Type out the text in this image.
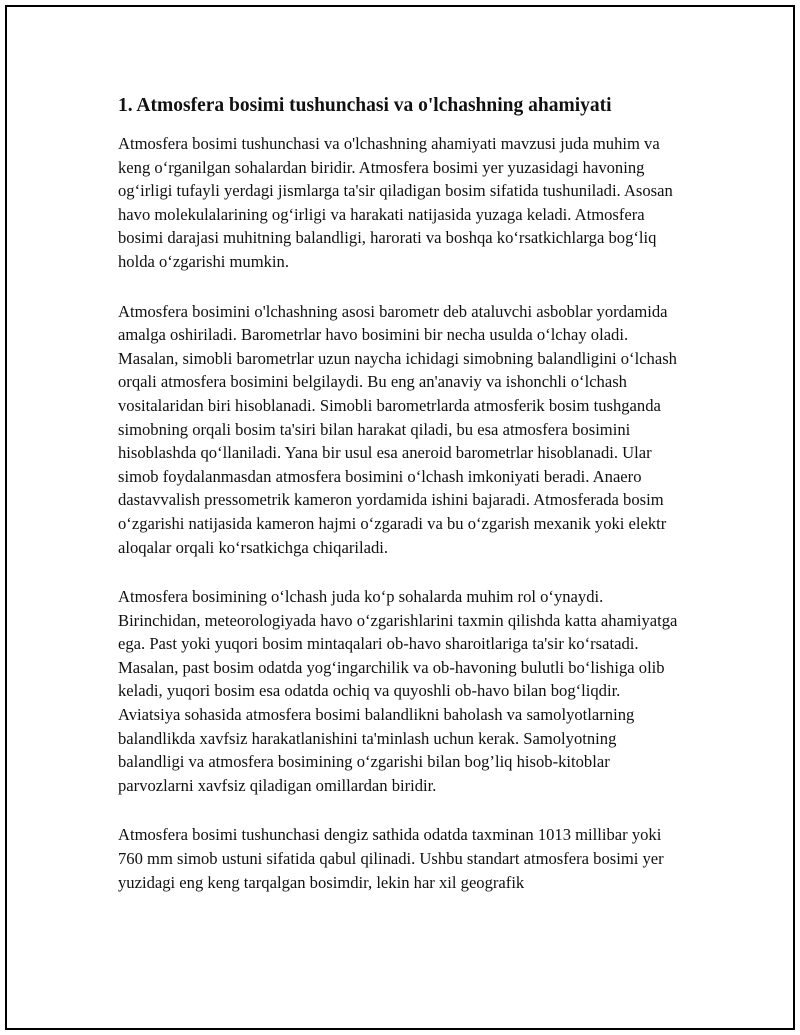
1. Atmosfera bosimi tushunchasi va o'lchashning ahamiyati

Atmosfera bosimi tushunchasi va o'lchashning ahamiyati mavzusi juda muhim va keng oʻrganilgan sohalardan biridir. Atmosfera bosimi yer yuzasidagi havoning ogʻirligi tufayli yerdagi jismlarga ta'sir qiladigan bosim sifatida tushuniladi. Asosan havo molekulalarining ogʻirligi va harakati natijasida yuzaga keladi. Atmosfera bosimi darajasi muhitning balandligi, harorati va boshqa koʻrsatkichlarga bogʻliq holda oʻzgarishi mumkin.

Atmosfera bosimini o'lchashning asosi barometr deb ataluvchi asboblar yordamida amalga oshiriladi. Barometrlar havo bosimini bir necha usulda oʻlchay oladi. Masalan, simobli barometrlar uzun naycha ichidagi simobning balandligini oʻlchash orqali atmosfera bosimini belgilaydi. Bu eng an'anaviy va ishonchli oʻlchash vositalaridan biri hisoblanadi. Simobli barometrlarda atmosferik bosim tushganda simobning orqali bosim ta'siri bilan harakat qiladi, bu esa atmosfera bosimini hisoblashda qoʻllaniladi. Yana bir usul esa aneroid barometrlar hisoblanadi. Ular simob foydalanmasdan atmosfera bosimini oʻlchash imkoniyati beradi. Anaero dastavvalish pressometrik kameron yordamida ishini bajaradi. Atmosferada bosim oʻzgarishi natijasida kameron hajmi oʻzgaradi va bu oʻzgarish mexanik yoki elektr aloqalar orqali koʻrsatkichga chiqariladi.

Atmosfera bosimining oʻlchash juda koʻp sohalarda muhim rol oʻynaydi. Birinchidan, meteorologiyada havo oʻzgarishlarini taxmin qilishda katta ahamiyatga ega. Past yoki yuqori bosim mintaqalari ob-havo sharoitlariga ta'sir koʻrsatadi. Masalan, past bosim odatda yogʻingarchilik va ob-havoning bulutli boʻlishiga olib keladi, yuqori bosim esa odatda ochiq va quyoshli ob-havo bilan bogʻliqdir. Aviatsiya sohasida atmosfera bosimi balandlikni baholash va samolyotlarning balandlikda xavfsiz harakatlanishini ta'minlash uchun kerak. Samolyotning balandligi va atmosfera bosimining oʻzgarishi bilan bog’liq hisob-kitoblar parvozlarni xavfsiz qiladigan omillardan biridir.

Atmosfera bosimi tushunchasi dengiz sathida odatda taxminan 1013 millibar yoki 760 mm simob ustuni sifatida qabul qilinadi. Ushbu standart atmosfera bosimi yer yuzidagi eng keng tarqalgan bosimdir, lekin har xil geografik
